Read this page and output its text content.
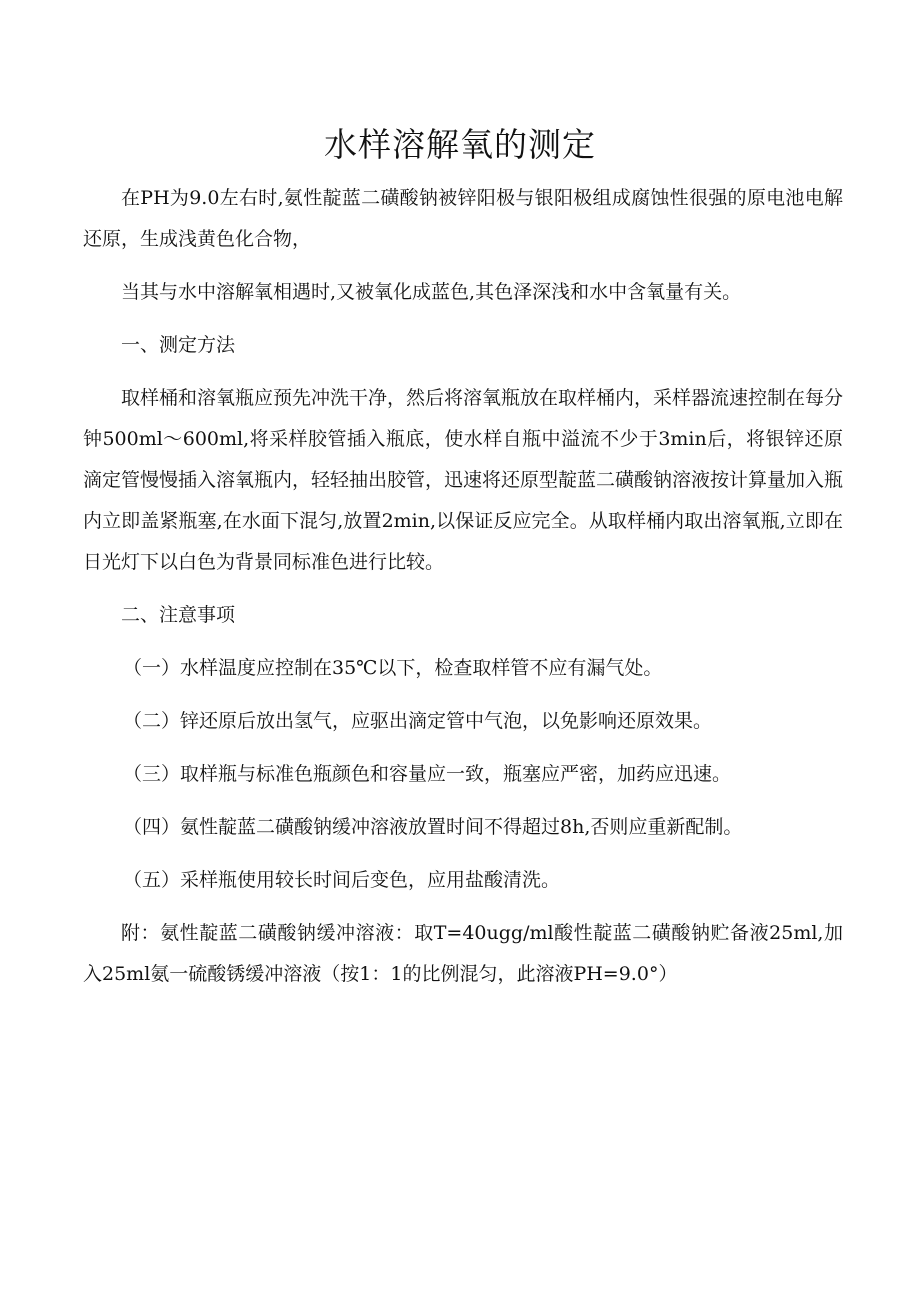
水样溶解氧的测定

在PH为9.0左右时,氨性靛蓝二磺酸钠被锌阳极与银阳极组成腐蚀性很强的原电池电解还原，生成浅黄色化合物，

当其与水中溶解氧相遇时,又被氧化成蓝色,其色泽深浅和水中含氧量有关。

一、测定方法

取样桶和溶氧瓶应预先冲洗干净，然后将溶氧瓶放在取样桶内，采样器流速控制在每分钟500ml～600ml,将采样胶管插入瓶底，使水样自瓶中溢流不少于3min后，将银锌还原滴定管慢慢插入溶氧瓶内，轻轻抽出胶管，迅速将还原型靛蓝二磺酸钠溶液按计算量加入瓶内立即盖紧瓶塞,在水面下混匀,放置2min,以保证反应完全。从取样桶内取出溶氧瓶,立即在日光灯下以白色为背景同标准色进行比较。

二、注意事项

（一）水样温度应控制在35℃以下，检查取样管不应有漏气处。

（二）锌还原后放出氢气，应驱出滴定管中气泡，以免影响还原效果。

（三）取样瓶与标准色瓶颜色和容量应一致，瓶塞应严密，加药应迅速。

（四）氨性靛蓝二磺酸钠缓冲溶液放置时间不得超过8h,否则应重新配制。

（五）采样瓶使用较长时间后变色，应用盐酸清洗。

附：氨性靛蓝二磺酸钠缓冲溶液：取T=40ugg/ml酸性靛蓝二磺酸钠贮备液25ml,加入25ml氨一硫酸锈缓冲溶液（按1：1的比例混匀，此溶液PH=9.0°）
